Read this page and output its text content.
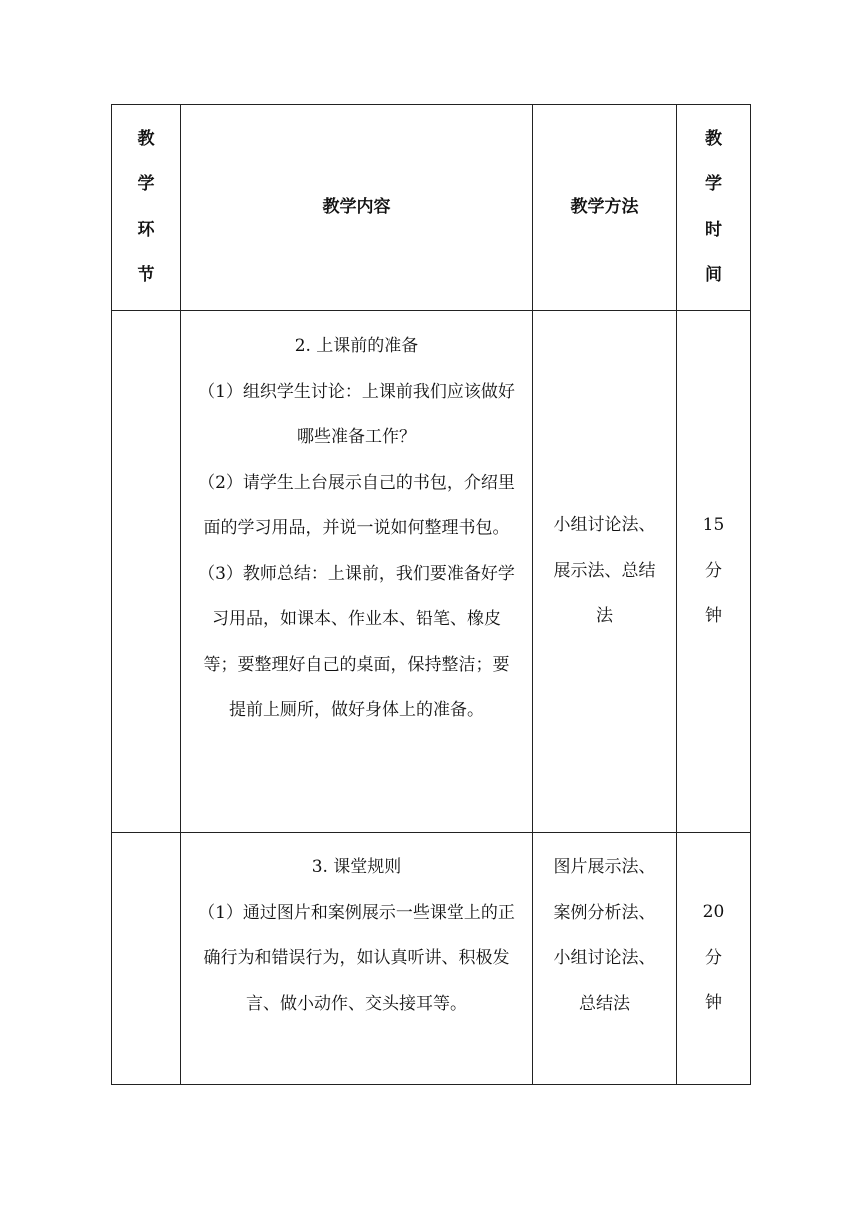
教学环节	教学内容	教学方法	教学时间

	2. 上课前的准备
（1）组织学生讨论：上课前我们应该做好哪些准备工作？
（2）请学生上台展示自己的书包，介绍里面的学习用品，并说一说如何整理书包。
（3）教师总结：上课前，我们要准备好学习用品，如课本、作业本、铅笔、橡皮等；要整理好自己的桌面，保持整洁；要提前上厕所，做好身体上的准备。	小组讨论法、展示法、总结法	15分钟

	3. 课堂规则
（1）通过图片和案例展示一些课堂上的正确行为和错误行为，如认真听讲、积极发言、做小动作、交头接耳等。	图片展示法、案例分析法、小组讨论法、总结法	20分钟
